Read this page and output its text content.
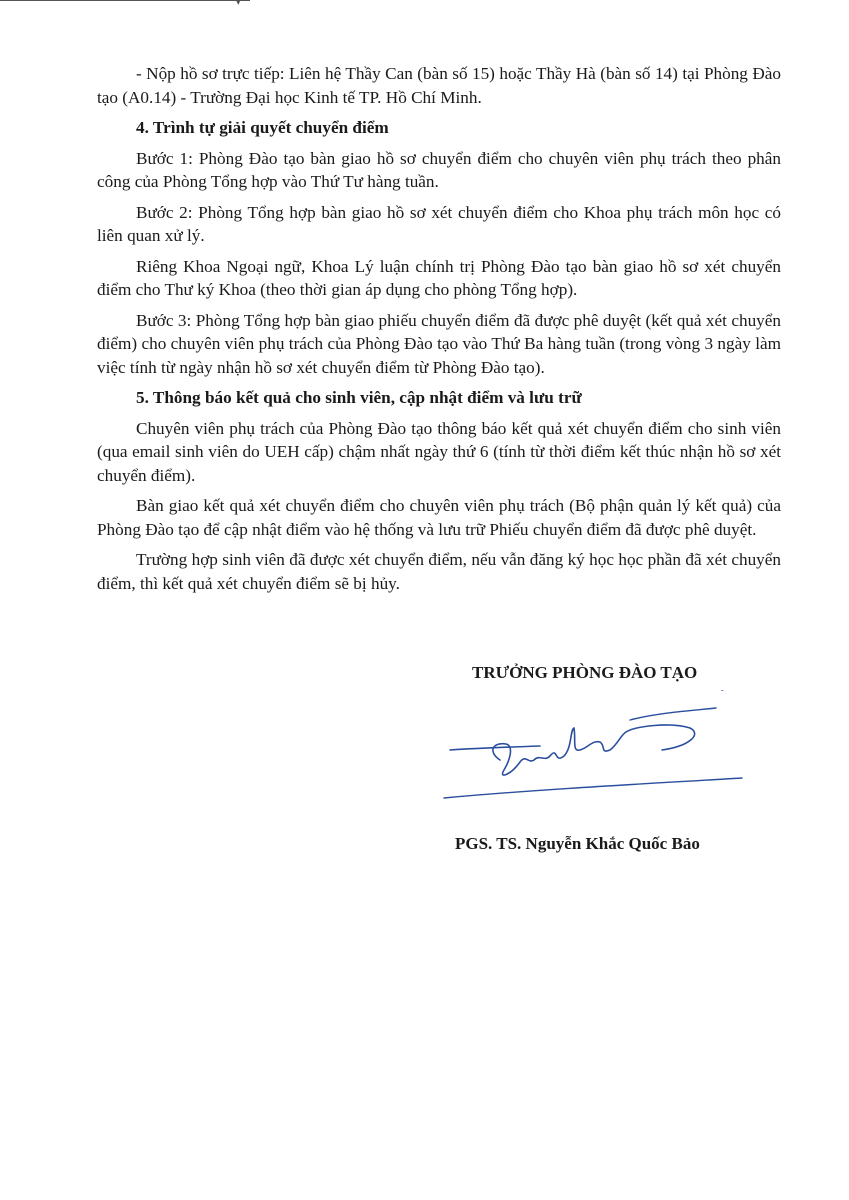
▾

- Nộp hồ sơ trực tiếp: Liên hệ Thầy Can (bàn số 15) hoặc Thầy Hà (bàn số 14) tại Phòng Đào tạo (A0.14) - Trường Đại học Kinh tế TP. Hồ Chí Minh.

4. Trình tự giải quyết chuyển điểm

Bước 1: Phòng Đào tạo bàn giao hồ sơ chuyển điểm cho chuyên viên phụ trách theo phân công của Phòng Tổng hợp vào Thứ Tư hàng tuần.

Bước 2: Phòng Tổng hợp bàn giao hồ sơ xét chuyển điểm cho Khoa phụ trách môn học có liên quan xử lý.

Riêng Khoa Ngoại ngữ, Khoa Lý luận chính trị Phòng Đào tạo bàn giao hồ sơ xét chuyển điểm cho Thư ký Khoa (theo thời gian áp dụng cho phòng Tổng hợp).

Bước 3: Phòng Tổng hợp bàn giao phiếu chuyển điểm đã được phê duyệt (kết quả xét chuyển điểm) cho chuyên viên phụ trách của Phòng Đào tạo vào Thứ Ba hàng tuần (trong vòng 3 ngày làm việc tính từ ngày nhận hồ sơ xét chuyển điểm từ Phòng Đào tạo).

5. Thông báo kết quả cho sinh viên, cập nhật điểm và lưu trữ

Chuyên viên phụ trách của Phòng Đào tạo thông báo kết quả xét chuyển điểm cho sinh viên (qua email sinh viên do UEH cấp) chậm nhất ngày thứ 6 (tính từ thời điểm kết thúc nhận hồ sơ xét chuyển điểm).

Bàn giao kết quả xét chuyển điểm cho chuyên viên phụ trách (Bộ phận quản lý kết quả) của Phòng Đào tạo để cập nhật điểm vào hệ thống và lưu trữ Phiếu chuyển điểm đã được phê duyệt.

Trường hợp sinh viên đã được xét chuyển điểm, nếu vẫn đăng ký học học phần đã xét chuyển điểm, thì kết quả xét chuyển điểm sẽ bị hủy.

TRƯỞNG PHÒNG ĐÀO TẠO
PGS. TS. Nguyễn Khắc Quốc Bảo
